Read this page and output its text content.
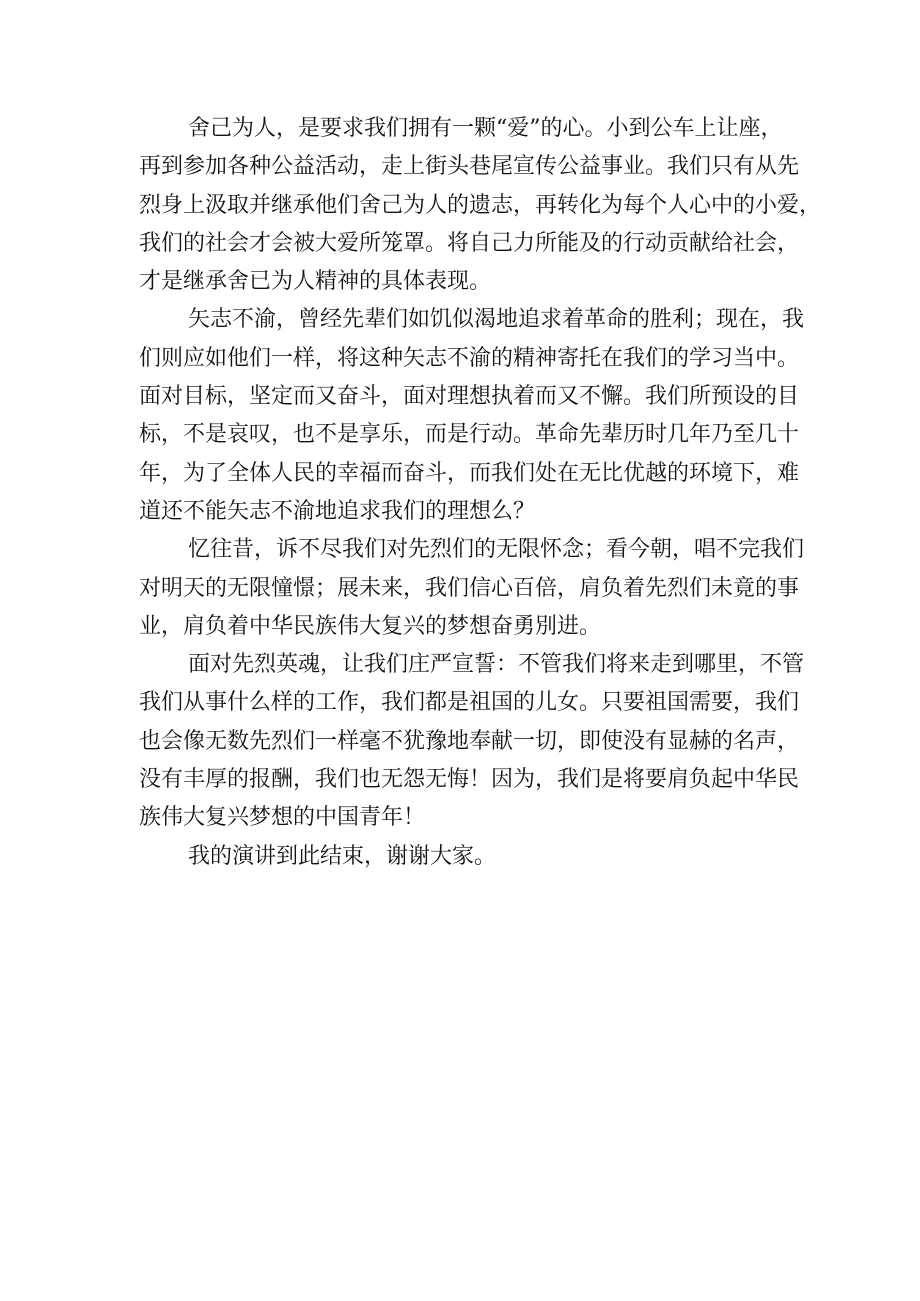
舍己为人，是要求我们拥有一颗“爱”的心。小到公车上让座，
再到参加各种公益活动，走上街头巷尾宣传公益事业。我们只有从先
烈身上汲取并继承他们舍己为人的遗志，再转化为每个人心中的小爱，
我们的社会才会被大爱所笼罩。将自己力所能及的行动贡献给社会，
才是继承舍已为人精神的具体表现。
矢志不渝，曾经先辈们如饥似渴地追求着革命的胜利；现在，我
们则应如他们一样，将这种矢志不渝的精神寄托在我们的学习当中。
面对目标，坚定而又奋斗，面对理想执着而又不懈。我们所预设的目
标，不是哀叹，也不是享乐，而是行动。革命先辈历时几年乃至几十
年，为了全体人民的幸福而奋斗，而我们处在无比优越的环境下，难
道还不能矢志不渝地追求我们的理想么？
忆往昔，诉不尽我们对先烈们的无限怀念；看今朝，唱不完我们
对明天的无限憧憬；展未来，我们信心百倍，肩负着先烈们未竟的事
业，肩负着中华民族伟大复兴的梦想奋勇別进。
面对先烈英魂，让我们庄严宣誓：不管我们将来走到哪里，不管
我们从事什么样的工作，我们都是祖国的儿女。只要祖国需要，我们
也会像无数先烈们一样毫不犹豫地奉献一切，即使没有显赫的名声，
没有丰厚的报酬，我们也无怨无悔！因为，我们是将要肩负起中华民
族伟大复兴梦想的中国青年！
我的演讲到此结束，谢谢大家。
